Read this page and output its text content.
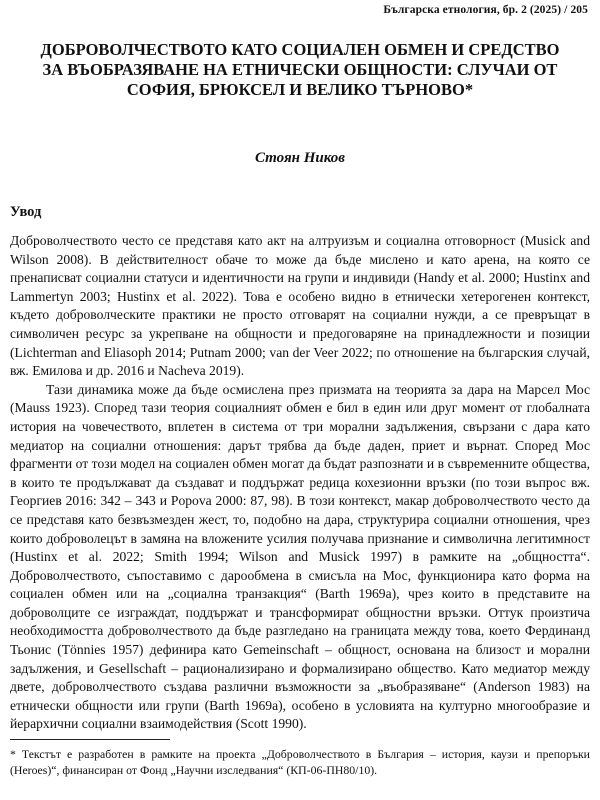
Българска етнология, бр. 2 (2025) / 205
ДОБРОВОЛЧЕСТВОТО КАТО СОЦИАЛЕН ОБМЕН И СРЕДСТВО ЗА ВЪОБРАЗЯВАНЕ НА ЕТНИЧЕСКИ ОБЩНОСТИ: СЛУЧАИ ОТ СОФИЯ, БРЮКСЕЛ И ВЕЛИКО ТЪРНОВО*
Стоян Ников
Увод

Доброволчеството често се представя като акт на алтруизъм и социална отговорност (Musick and Wilson 2008). В действителност обаче то може да бъде мислено и като арена, на която се пренаписват социални статуси и идентичности на групи и индивиди (Handy et al. 2000; Hustinx and Lammertyn 2003; Hustinx et al. 2022). Това е особено видно в етнически хетерогенен контекст, където доброволческите практики не просто отговарят на социални нужди, а се превръщат в символичен ресурс за укрепване на общности и предоговаряне на принадлежности и позиции (Lichterman and Eliasoph 2014; Putnam 2000; van der Veer 2022; по отношение на българския случай, вж. Емилова и др. 2016 и Nacheva 2019).

Тази динамика може да бъде осмислена през призмата на теорията за дара на Марсел Мос (Mauss 1923). Според тази теория социалният обмен е бил в един или друг момент от глобалната история на човечеството, вплетен в система от три морални задължения, свързани с дара като медиатор на социални отношения: дарът трябва да бъде даден, приет и върнат. Според Мос фрагменти от този модел на социален обмен могат да бъдат разпознати и в съвременните общества, в които те продължават да създават и поддържат редица кохезионни връзки (по този въпрос вж. Георгиев 2016: 342 – 343 и Popova 2000: 87, 98). В този контекст, макар доброволчеството често да се представя като безвъзмезден жест, то, подобно на дара, структурира социални отношения, чрез които доброволецът в замяна на вложените усилия получава признание и символична легитимност (Hustinx et al. 2022; Smith 1994; Wilson and Musick 1997) в рамките на „общността“. Доброволчеството, съпоставимо с дарообмена в смисъла на Мос, функционира като форма на социален обмен или на „социална транзакция“ (Barth 1969a), чрез които в представите на доброволците се изграждат, поддържат и трансформират общностни връзки. Оттук произтича необходимостта доброволчеството да бъде разгледано на границата между това, което Фердинанд Тьонис (Tönnies 1957) дефинира като Gemeinschaft – общност, основана на близост и морални задължения, и Gesellschaft – рационализирано и формализирано общество. Като медиатор между двете, доброволчеството създава различни възможности за „въобразяване“ (Anderson 1983) на етнически общности или групи (Barth 1969a), особено в условията на културно многообразие и йерархични социални взаимодействия (Scott 1990).

* Текстът е разработен в рамките на проекта „Доброволчеството в България – история, каузи и препоръки (Heroes)“, финансиран от Фонд „Научни изследвания“ (КП-06-ПН80/10).
